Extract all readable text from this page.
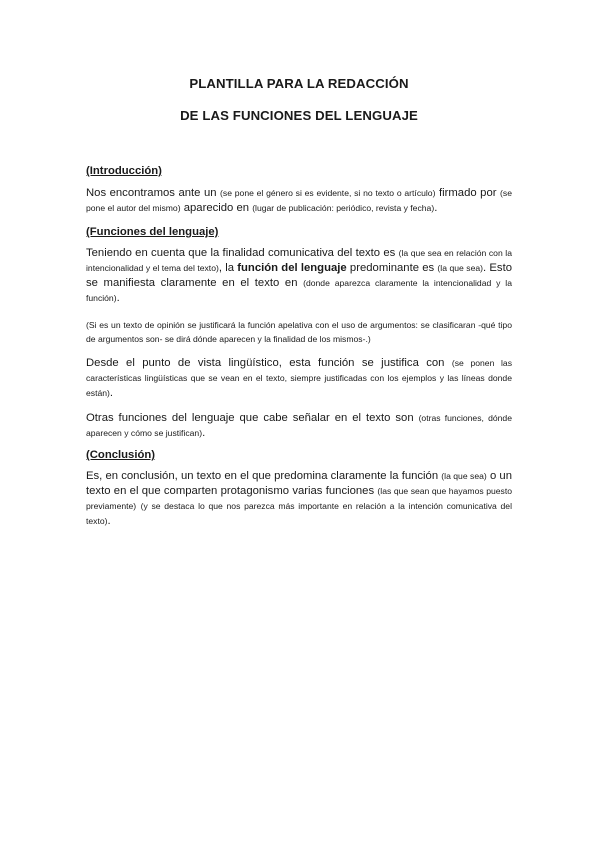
PLANTILLA PARA LA REDACCIÓN
DE LAS FUNCIONES DEL LENGUAJE
(Introducción)

Nos encontramos ante un (se pone el género si es evidente, si no texto o artículo) firmado por (se pone el autor del mismo) aparecido en (lugar de publicación: periódico, revista y fecha).

(Funciones del lenguaje)

Teniendo en cuenta que la finalidad comunicativa del texto es (la que sea en relación con la intencionalidad y el tema del texto), la función del lenguaje predominante es (la que sea). Esto se manifiesta claramente en el texto en (donde aparezca claramente la intencionalidad y la función).

(Si es un texto de opinión se justificará la función apelativa con el uso de argumentos: se clasificaran -qué tipo de argumentos son- se dirá dónde aparecen y la finalidad de los mismos-.)

Desde el punto de vista lingüístico, esta función se justifica con (se ponen las características lingüísticas que se vean en el texto, siempre justificadas con los ejemplos y las líneas donde están).

Otras funciones del lenguaje que cabe señalar en el texto son (otras funciones, dónde aparecen y cómo se justifican).

(Conclusión)

Es, en conclusión, un texto en el que predomina claramente la función (la que sea) o un texto en el que comparten protagonismo varias funciones (las que sean que hayamos puesto previamente) (y se destaca lo que nos parezca más importante en relación a la intención comunicativa del texto).
